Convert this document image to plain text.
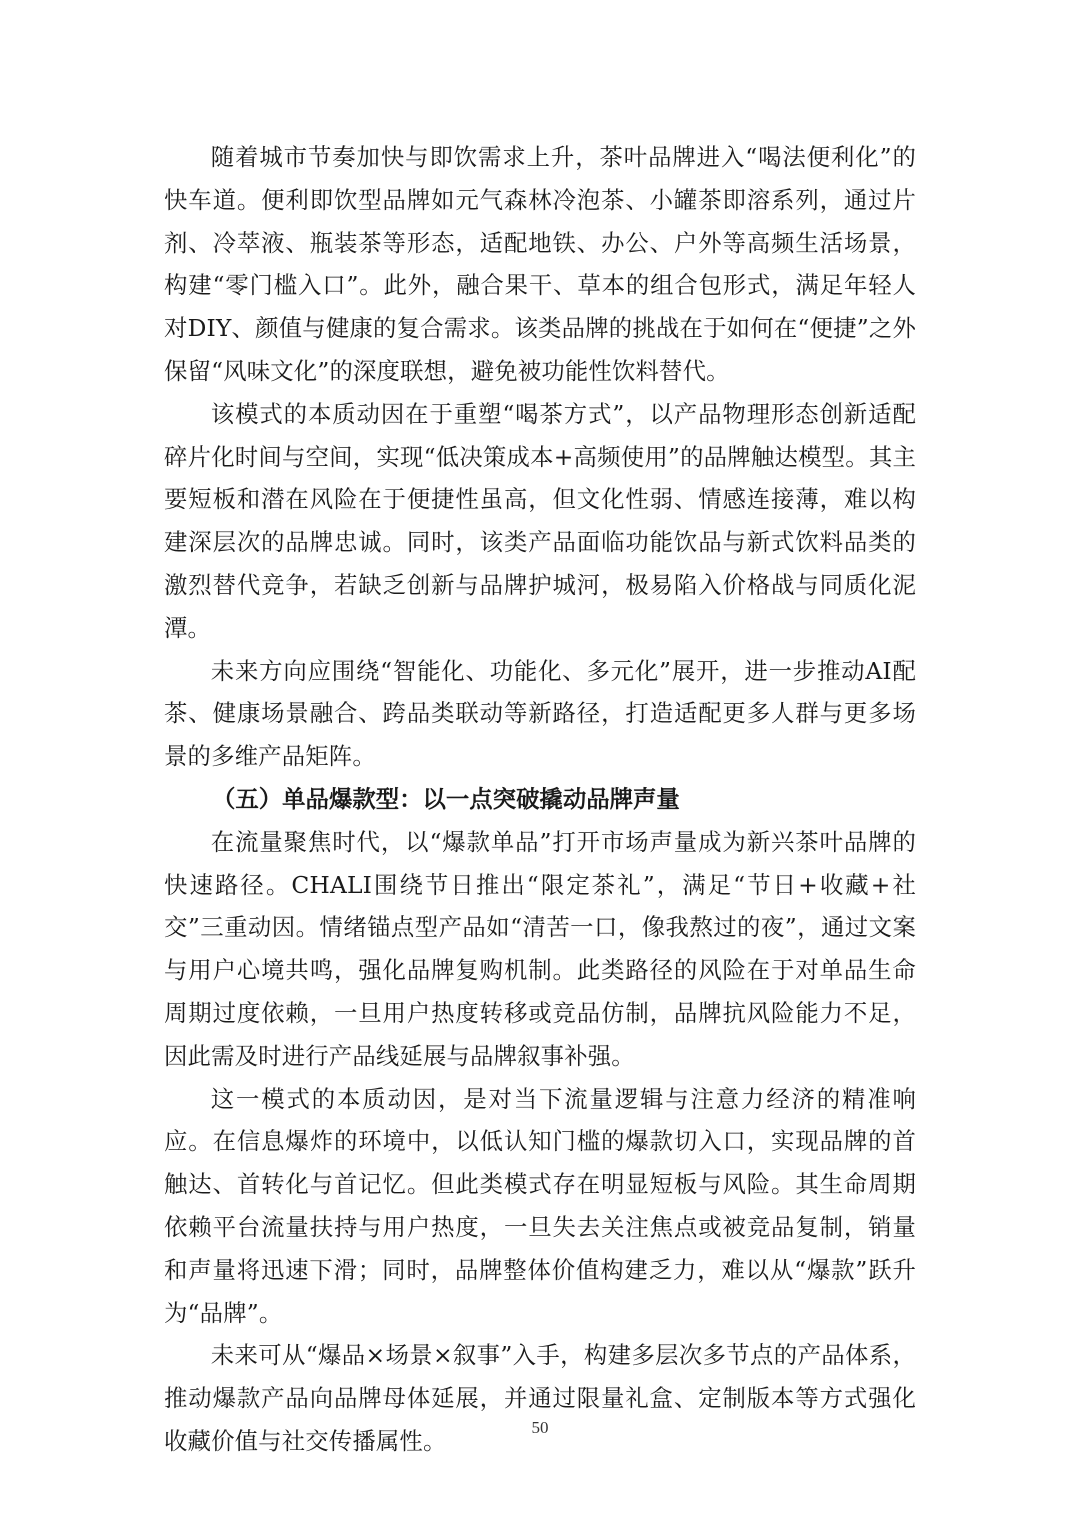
随着城市节奏加快与即饮需求上升，茶叶品牌进入“喝法便利化”的快车道。便利即饮型品牌如元气森林冷泡茶、小罐茶即溶系列，通过片剂、冷萃液、瓶装茶等形态，适配地铁、办公、户外等高频生活场景，构建“零门槛入口”。此外，融合果干、草本的组合包形式，满足年轻人对DIY、颜值与健康的复合需求。该类品牌的挑战在于如何在“便捷”之外保留“风味文化”的深度联想，避免被功能性饮料替代。

该模式的本质动因在于重塑“喝茶方式”，以产品物理形态创新适配碎片化时间与空间，实现“低决策成本+高频使用”的品牌触达模型。其主要短板和潜在风险在于便捷性虽高，但文化性弱、情感连接薄，难以构建深层次的品牌忠诚。同时，该类产品面临功能饮品与新式饮料品类的激烈替代竞争，若缺乏创新与品牌护城河，极易陷入价格战与同质化泥潭。

未来方向应围绕“智能化、功能化、多元化”展开，进一步推动AI配茶、健康场景融合、跨品类联动等新路径，打造适配更多人群与更多场景的多维产品矩阵。

（五）单品爆款型：以一点突破撬动品牌声量

在流量聚焦时代，以“爆款单品”打开市场声量成为新兴茶叶品牌的快速路径。CHALI围绕节日推出“限定茶礼”，满足“节日+收藏+社交”三重动因。情绪锚点型产品如“清苦一口，像我熬过的夜”，通过文案与用户心境共鸣，强化品牌复购机制。此类路径的风险在于对单品生命周期过度依赖，一旦用户热度转移或竞品仿制，品牌抗风险能力不足，因此需及时进行产品线延展与品牌叙事补强。

这一模式的本质动因，是对当下流量逻辑与注意力经济的精准响应。在信息爆炸的环境中，以低认知门槛的爆款切入口，实现品牌的首触达、首转化与首记忆。但此类模式存在明显短板与风险。其生命周期依赖平台流量扶持与用户热度，一旦失去关注焦点或被竞品复制，销量和声量将迅速下滑；同时，品牌整体价值构建乏力，难以从“爆款”跃升为“品牌”。

未来可从“爆品×场景×叙事”入手，构建多层次多节点的产品体系，推动爆款产品向品牌母体延展，并通过限量礼盒、定制版本等方式强化收藏价值与社交传播属性。	50
